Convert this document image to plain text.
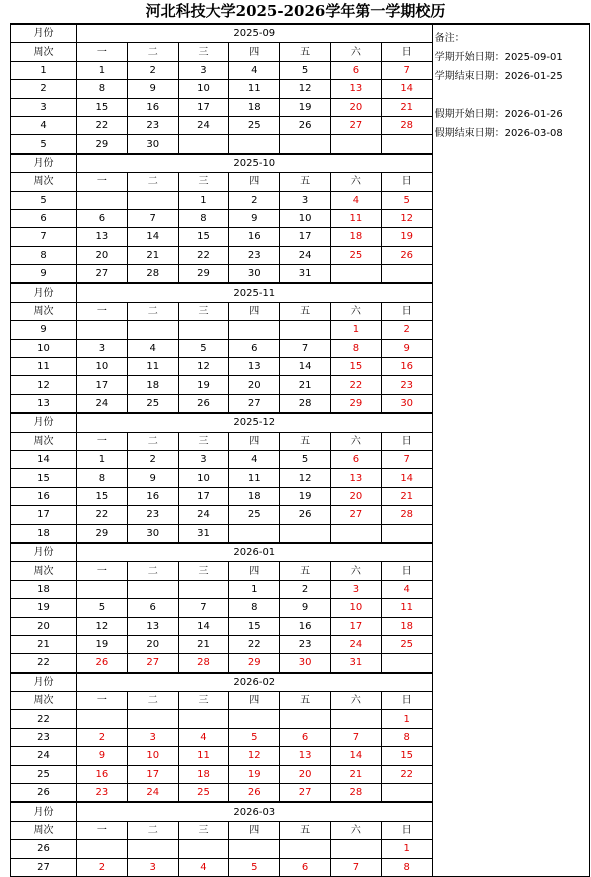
河北科技大学2025-2026学年第一学期校历
月份	2025-09							备注：
学期开始日期：2025-09-01
学期结束日期：2026-01-25
假期开始日期：2026-01-26
假期结束日期：2026-03-08

周次	一	二	三	四	五	六	日	
1	1	2	3	4	5	6	7	
2	8	9	10	11	12	13	14	
3	15	16	17	18	19	20	21	
4	22	23	24	25	26	27	28	
5	29	30						
月份	2025-10							
周次	一	二	三	四	五	六	日	
5			1	2	3	4	5	
6	6	7	8	9	10	11	12	
7	13	14	15	16	17	18	19	
8	20	21	22	23	24	25	26	
9	27	28	29	30	31			
月份	2025-11							
周次	一	二	三	四	五	六	日	
9						1	2	
10	3	4	5	6	7	8	9	
11	10	11	12	13	14	15	16	
12	17	18	19	20	21	22	23	
13	24	25	26	27	28	29	30	
月份	2025-12							
周次	一	二	三	四	五	六	日	
14	1	2	3	4	5	6	7	
15	8	9	10	11	12	13	14	
16	15	16	17	18	19	20	21	
17	22	23	24	25	26	27	28	
18	29	30	31					
月份	2026-01							
周次	一	二	三	四	五	六	日	
18				1	2	3	4	
19	5	6	7	8	9	10	11	
20	12	13	14	15	16	17	18	
21	19	20	21	22	23	24	25	
22	26	27	28	29	30	31		
月份	2026-02							
周次	一	二	三	四	五	六	日	
22							1	
23	2	3	4	5	6	7	8	
24	9	10	11	12	13	14	15	
25	16	17	18	19	20	21	22	
26	23	24	25	26	27	28		
月份	2026-03							
周次	一	二	三	四	五	六	日	
26							1	
27	2	3	4	5	6	7	8	
